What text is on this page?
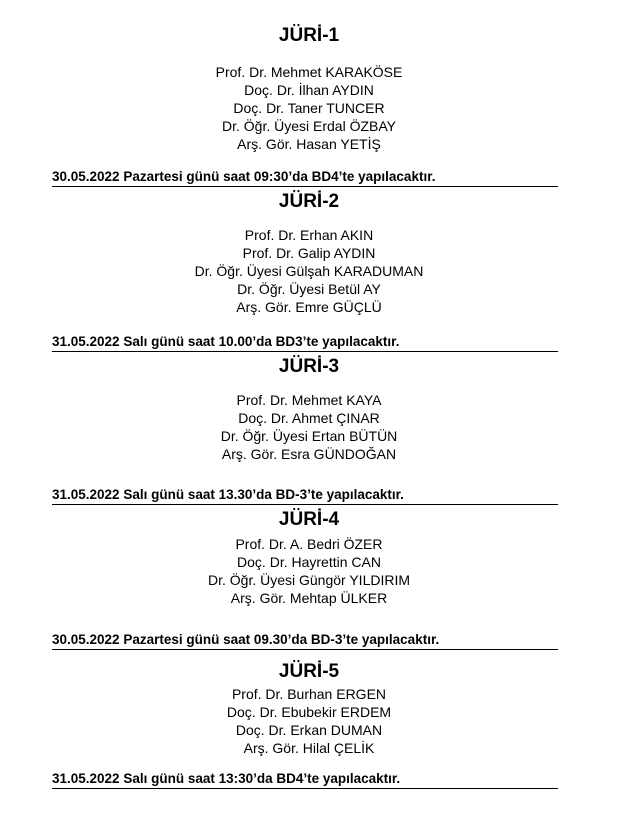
JÜRİ-1
Prof. Dr. Mehmet KARAKÖSE
Doç. Dr. İlhan AYDIN
Doç. Dr. Taner TUNCER
Dr. Öğr. Üyesi Erdal ÖZBAY
Arş. Gör. Hasan YETİŞ
30.05.2022 Pazartesi günü saat 09:30’da BD4’te yapılacaktır.
JÜRİ-2
Prof. Dr. Erhan AKIN
Prof. Dr. Galip AYDIN
Dr. Öğr. Üyesi Gülşah KARADUMAN
Dr. Öğr. Üyesi Betül AY
Arş. Gör. Emre GÜÇLÜ
31.05.2022 Salı günü saat 10.00’da BD3’te yapılacaktır.
JÜRİ-3
Prof. Dr. Mehmet KAYA
Doç. Dr. Ahmet ÇINAR
Dr. Öğr. Üyesi Ertan BÜTÜN
Arş. Gör. Esra GÜNDOĞAN
31.05.2022 Salı günü saat 13.30’da BD-3’te yapılacaktır.
JÜRİ-4
Prof. Dr. A. Bedri ÖZER
Doç. Dr. Hayrettin CAN
Dr. Öğr. Üyesi Güngör YILDIRIM
Arş. Gör. Mehtap ÜLKER
30.05.2022 Pazartesi günü saat 09.30’da BD-3’te yapılacaktır.
JÜRİ-5
Prof. Dr. Burhan ERGEN
Doç. Dr. Ebubekir ERDEM
Doç. Dr. Erkan DUMAN
Arş. Gör. Hilal ÇELİK
31.05.2022 Salı günü saat 13:30’da BD4’te yapılacaktır.
